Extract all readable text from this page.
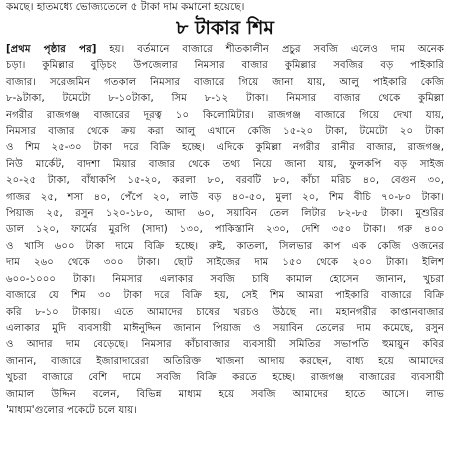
কমছে। হাতমধ্যে ভোজ্যতেলে ৫ টাকা দাম কমানো হয়েছে।
৮ টাকার শিম
[প্রথম পৃষ্ঠার পর] হয়। বর্তমানে বাজারে শীতকালীন প্রচুর সবজি এলেও দাম অনেক
চড়া। কুমিল্লার বুড়িচং উপজেলার নিমসার বাজার কুমিল্লার সবজির বড় পাইকারি
বাজার। সরেজমিন গতকাল নিমসার বাজারে গিয়ে জানা যায়, আলু পাইকারি কেজি
৮-৯টাকা, টমেটো ৮-১০টাকা, সিম ৮-১২ টাকা। নিমসার বাজার থেকে কুমিল্লা
নগরীর রাজগঞ্জ বাজারের দূরত্ব ১০ কিলোমিটার। রাজগঞ্জ বাজারে গিয়ে দেখা যায়,
নিমসার বাজার থেকে ক্রয় করা আলু এখানে কেজি ১৫-২০ টাকা, টমেটো ২০ টাকা
ও শিম ২৫-৩০ টাকা দরে বিক্রি হচ্ছে। এদিকে কুমিল্লা নগরীর রানীর বাজার, রাজগঞ্জ,
নিউ মার্কেট, বাদশা মিয়ার বাজার থেকে তথ্য নিয়ে জানা যায়, ফুলকপি বড় সাইজ
২০-২৫ টাকা, বাঁধাকপি ১৫-২০, করলা ৮০, বরবটি ৮০, কাঁচা মরিচ ৪০, বেগুন ৩০,
গাজর ২৫, শসা ৪০, পেঁপে ২০, লাউ বড় ৪০-৫০, মুলা ২০, শিম বীচি ৭০-৮০ টাকা।
পিয়াজ ২৫, রসুন ১২০-১৮০, আদা ৬০, সয়াবিন তেল লিটার ৮২-৮৫ টাকা। মুশুরির
ডাল ১২০, ফার্মের মুরগি (সাদা) ১৩০, পাকিস্তানি ২৩০, দেশি ৩৫০ টাকা। গরু ৪০০
ও খাসি ৬০০ টাকা দামে বিক্রি হচ্ছে। রুই, কাতলা, সিলভার কাপ এক কেজি ওজনের
দাম ২৬০ থেকে ৩০০ টাকা। ছোট সাইজের দাম ১৫০ থেকে ২০০ টাকা। ইলিশ
৬০০-১০০০ টাকা। নিমসার এলাকার সবজি চাষি কামাল হোসেন জানান, খুচরা
বাজারে যে শিম ৩০ টাকা দরে বিক্রি হয়, সেই শিম আমরা পাইকারি বাজারে বিক্রি
করি ৮-১০ টাকায়। এতে আমাদের চাষের খরচও উঠছে না। মহানগরীর কাপ্তানবাজার
এলাকার মুদি ব্যবসায়ী মাঈনুদ্দিন জানান পিয়াজ ও সয়াবিন তেলের দাম কমেছে, রসুন
ও আদার দাম বেড়েছে। নিমসার কাঁচাবাজার ব্যবসায়ী সমিতির সভাপতি হুমায়ুন কবির
জানান, বাজারে ইজারাদারেরা অতিরিক্ত খাজনা আদায় করছেন, বাধ্য হয়ে আমাদের
খুচরা বাজারে বেশি দামে সবজি বিক্রি করতে হচ্ছে। রাজগঞ্জ বাজারের ব্যবসায়ী
জামাল উদ্দিন বলেন, বিভিন্ন মাধ্যম হয়ে সবজি আমাদের হাতে আসে। লাভ
'মাধ্যম'গুলোর পকেটে চলে যায়।
